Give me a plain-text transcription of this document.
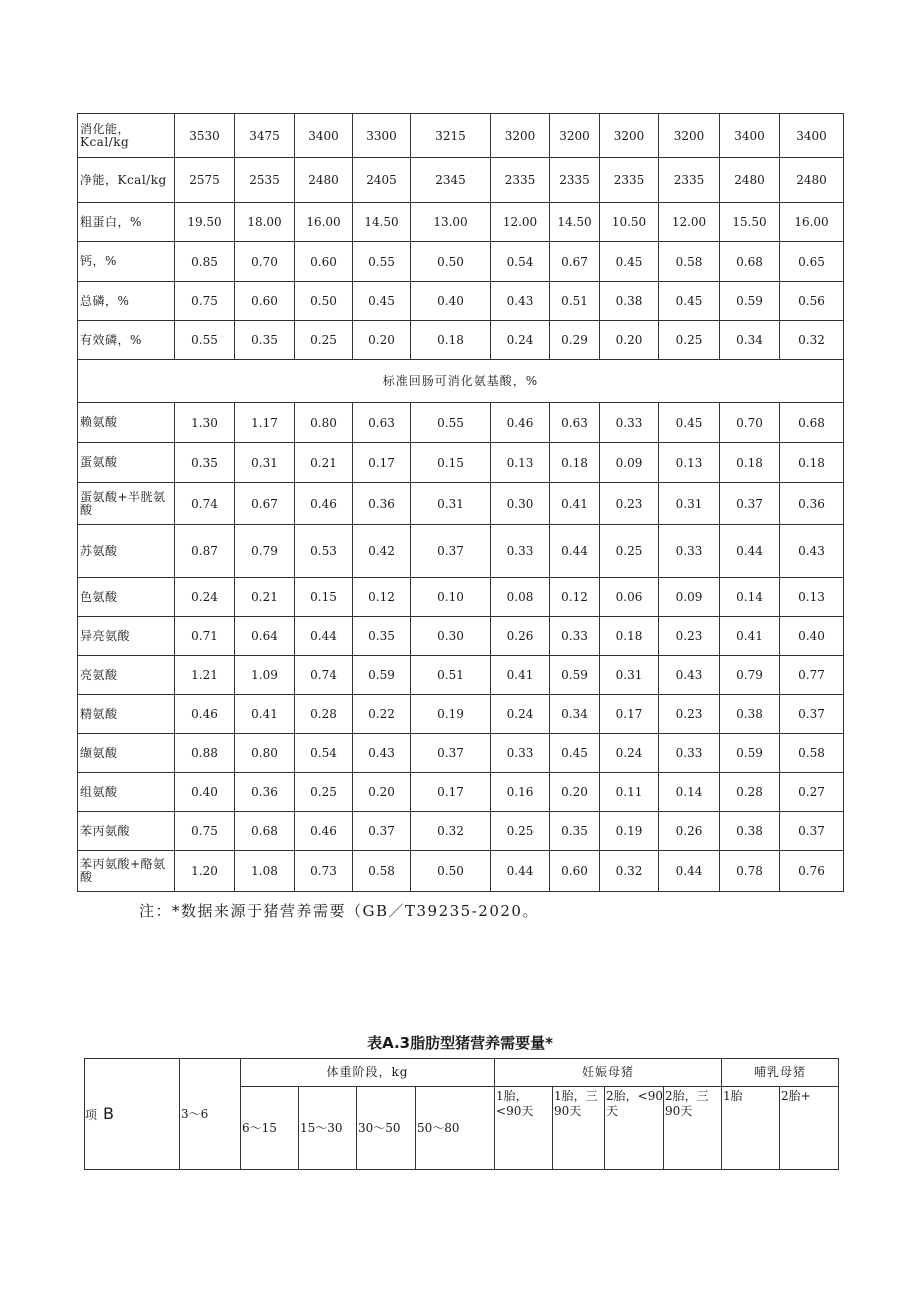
消化能，Kcal/kg	3530	3475	3400	3300	3215	3200	3200	3200	3200	3400	3400
净能，Kcal/kg	2575	2535	2480	2405	2345	2335	2335	2335	2335	2480	2480
粗蛋白，%	19.50	18.00	16.00	14.50	13.00	12.00	14.50	10.50	12.00	15.50	16.00
钙，%	0.85	0.70	0.60	0.55	0.50	0.54	0.67	0.45	0.58	0.68	0.65
总磷，%	0.75	0.60	0.50	0.45	0.40	0.43	0.51	0.38	0.45	0.59	0.56
有效磷，%	0.55	0.35	0.25	0.20	0.18	0.24	0.29	0.20	0.25	0.34	0.32
标准回肠可消化氨基酸，%											
赖氨酸	1.30	1.17	0.80	0.63	0.55	0.46	0.63	0.33	0.45	0.70	0.68
蛋氨酸	0.35	0.31	0.21	0.17	0.15	0.13	0.18	0.09	0.13	0.18	0.18
蛋氨酸+半胱氨酸	0.74	0.67	0.46	0.36	0.31	0.30	0.41	0.23	0.31	0.37	0.36
苏氨酸	0.87	0.79	0.53	0.42	0.37	0.33	0.44	0.25	0.33	0.44	0.43
色氨酸	0.24	0.21	0.15	0.12	0.10	0.08	0.12	0.06	0.09	0.14	0.13
异亮氨酸	0.71	0.64	0.44	0.35	0.30	0.26	0.33	0.18	0.23	0.41	0.40
亮氨酸	1.21	1.09	0.74	0.59	0.51	0.41	0.59	0.31	0.43	0.79	0.77
精氨酸	0.46	0.41	0.28	0.22	0.19	0.24	0.34	0.17	0.23	0.38	0.37
缬氨酸	0.88	0.80	0.54	0.43	0.37	0.33	0.45	0.24	0.33	0.59	0.58
组氨酸	0.40	0.36	0.25	0.20	0.17	0.16	0.20	0.11	0.14	0.28	0.27
苯丙氨酸	0.75	0.68	0.46	0.37	0.32	0.25	0.35	0.19	0.26	0.38	0.37
苯丙氨酸+酪氨酸	1.20	1.08	0.73	0.58	0.50	0.44	0.60	0.32	0.44	0.78	0.76
注：*数据来源于猪营养需要（GB／T39235-2020。
表A.3脂肪型猪营养需要量*
项 B	3～6	体重阶段，kg				妊娠母猪				哺乳母猪	
		6～15	15～30	30～50	50～80	1胎，<90天	1胎，三90天	2胎，<90天	2胎，三90天	1胎	2胎+
